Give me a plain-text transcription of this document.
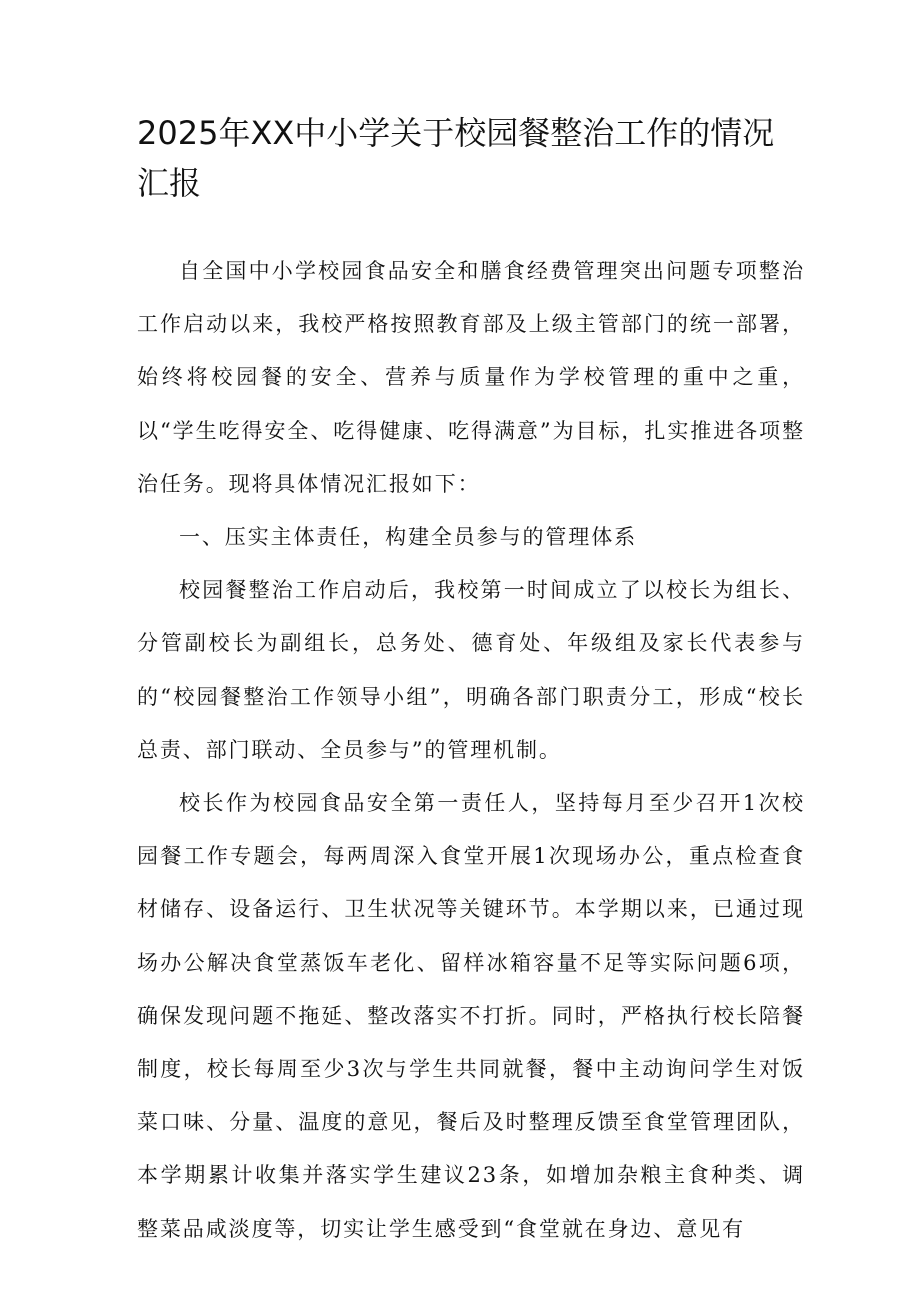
2025年XX中小学关于校园餐整治工作的情况汇报

自全国中小学校园食品安全和膳食经费管理突出问题专项整治工作启动以来，我校严格按照教育部及上级主管部门的统一部署，始终将校园餐的安全、营养与质量作为学校管理的重中之重，以“学生吃得安全、吃得健康、吃得满意”为目标，扎实推进各项整治任务。现将具体情况汇报如下：

一、压实主体责任，构建全员参与的管理体系

校园餐整治工作启动后，我校第一时间成立了以校长为组长、分管副校长为副组长，总务处、德育处、年级组及家长代表参与的“校园餐整治工作领导小组”，明确各部门职责分工，形成“校长总责、部门联动、全员参与”的管理机制。

校长作为校园食品安全第一责任人，坚持每月至少召开1次校园餐工作专题会，每两周深入食堂开展1次现场办公，重点检查食材储存、设备运行、卫生状况等关键环节。本学期以来，已通过现场办公解决食堂蒸饭车老化、留样冰箱容量不足等实际问题6项，确保发现问题不拖延、整改落实不打折。同时，严格执行校长陪餐制度，校长每周至少3次与学生共同就餐，餐中主动询问学生对饭菜口味、分量、温度的意见，餐后及时整理反馈至食堂管理团队，本学期累计收集并落实学生建议23条，如增加杂粮主食种类、调整菜品咸淡度等，切实让学生感受到“食堂就在身边、意见有
